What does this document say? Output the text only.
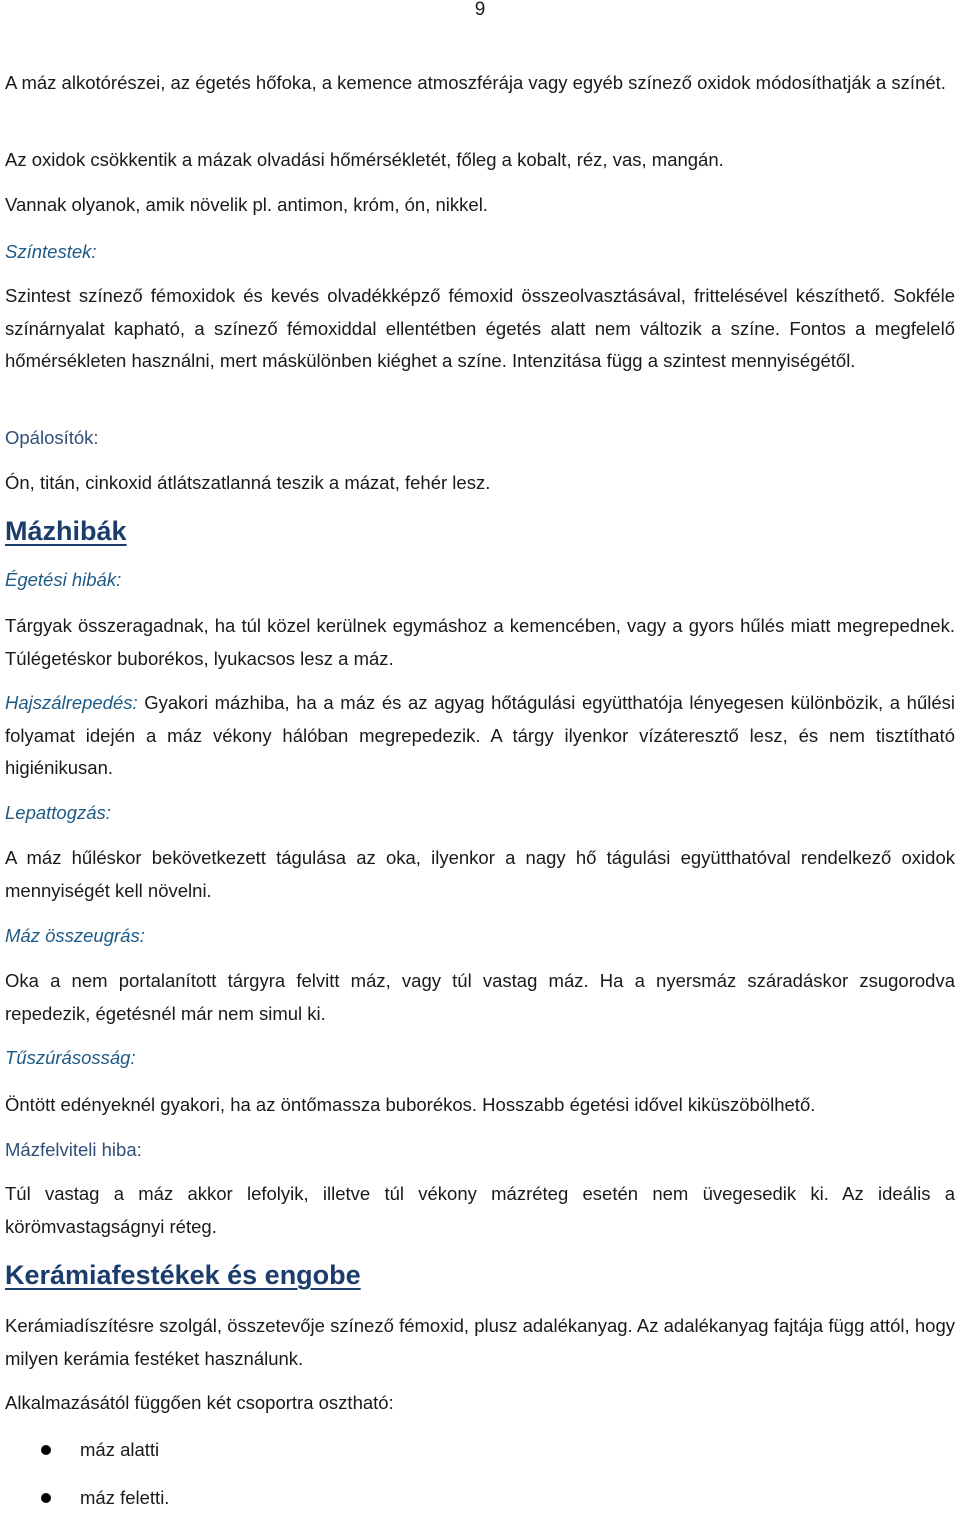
9

A máz alkotórészei, az égetés hőfoka, a kemence atmoszférája vagy egyéb színező oxidok módosíthatják a színét.

Az oxidok csökkentik a mázak olvadási hőmérsékletét, főleg a kobalt, réz, vas, mangán.

Vannak olyanok, amik növelik pl. antimon, króm, ón, nikkel.

Színtestek:

Szintest színező fémoxidok és kevés olvadékképző fémoxid összeolvasztásával, frittelésével készíthető. Sokféle színárnyalat kapható, a színező fémoxiddal ellentétben égetés alatt nem változik a színe. Fontos a megfelelő hőmérsékleten használni, mert máskülönben kiéghet a színe. Intenzitása függ a szintest mennyiségétől.

Opálosítók:

Ón, titán, cinkoxid átlátszatlanná teszik a mázat, fehér lesz.

Mázhibák

Égetési hibák:

Tárgyak összeragadnak, ha túl közel kerülnek egymáshoz a kemencében, vagy a gyors hűlés miatt megrepednek. Túlégetéskor buborékos, lyukacsos lesz a máz.

Hajszálrepedés: Gyakori mázhiba, ha a máz és az agyag hőtágulási együtthatója lényegesen különbözik, a hűlési folyamat idején a máz vékony hálóban megrepedezik. A tárgy ilyenkor vízáteresztő lesz, és nem tisztítható higiénikusan.

Lepattogzás:

A máz hűléskor bekövetkezett tágulása az oka, ilyenkor a nagy hő tágulási együtthatóval rendelkező oxidok mennyiségét kell növelni.

Máz összeugrás:

Oka a nem portalanított tárgyra felvitt máz, vagy túl vastag máz. Ha a nyersmáz száradáskor zsugorodva repedezik, égetésnél már nem simul ki.

Tűszúrásosság:

Öntött edényeknél gyakori, ha az öntőmassza buborékos. Hosszabb égetési idővel kiküszöbölhető.

Mázfelviteli hiba:

Túl vastag a máz akkor lefolyik, illetve túl vékony mázréteg esetén nem üvegesedik ki. Az ideális a körömvastagságnyi réteg.

Kerámiafestékek és engobe

Kerámiadíszítésre szolgál, összetevője színező fémoxid, plusz adalékanyag. Az adalékanyag fajtája függ attól, hogy milyen kerámia festéket használunk.

Alkalmazásától függően két csoportra osztható:

máz alatti
máz feletti.
